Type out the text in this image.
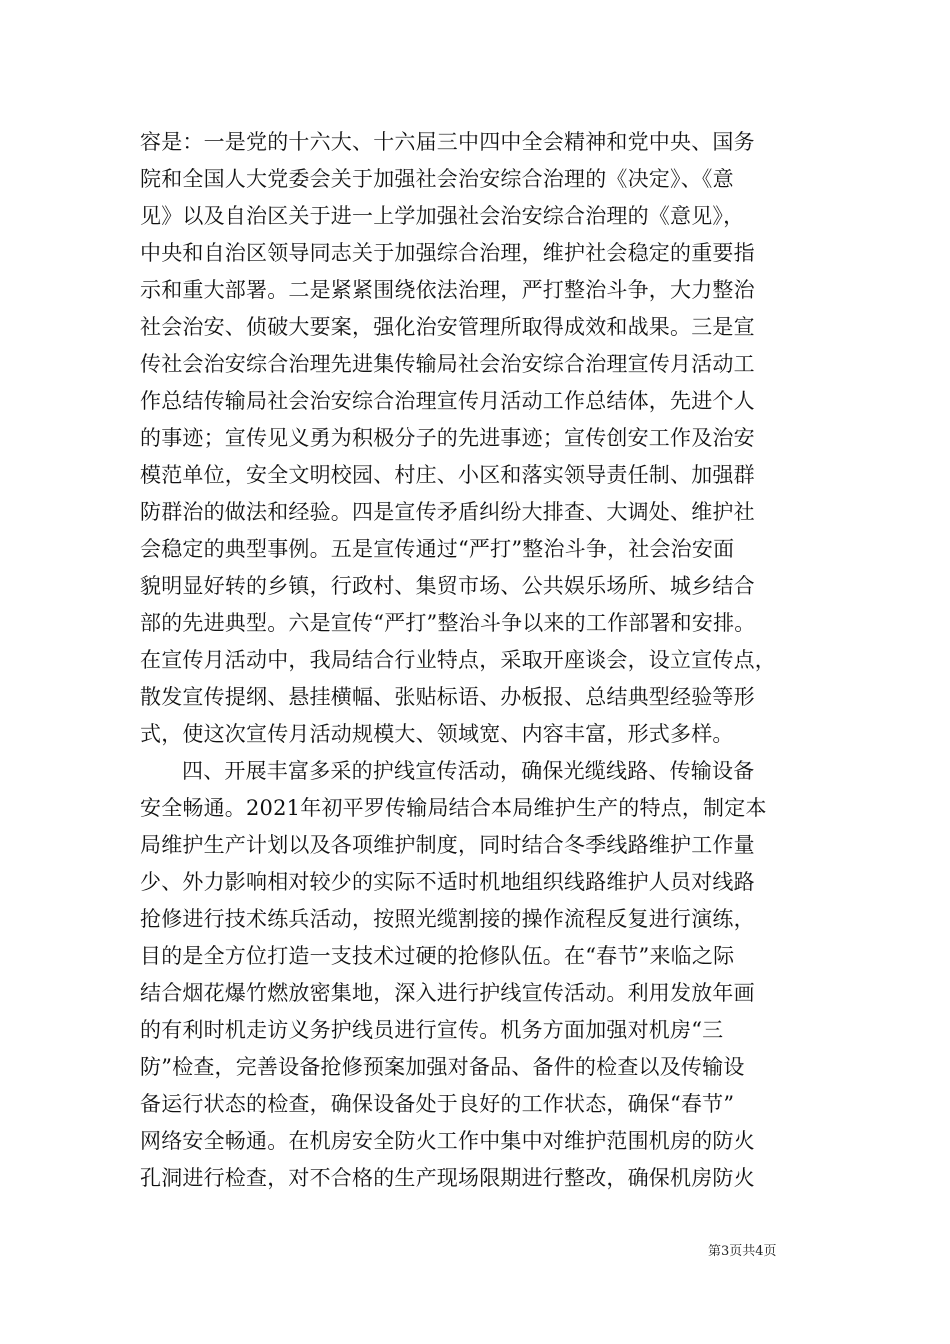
容是：一是党的十六大、十六届三中四中全会精神和党中央、国务
院和全国人大党委会关于加强社会治安综合治理的《决定》、《意
见》以及自治区关于进一上学加强社会治安综合治理的《意见》，
中央和自治区领导同志关于加强综合治理，维护社会稳定的重要指
示和重大部署。二是紧紧围绕依法治理，严打整治斗争，大力整治
社会治安、侦破大要案，强化治安管理所取得成效和战果。三是宣
传社会治安综合治理先进集传输局社会治安综合治理宣传月活动工
作总结传输局社会治安综合治理宣传月活动工作总结体，先进个人
的事迹；宣传见义勇为积极分子的先进事迹；宣传创安工作及治安
模范单位，安全文明校园、村庄、小区和落实领导责任制、加强群
防群治的做法和经验。四是宣传矛盾纠纷大排查、大调处、维护社
会稳定的典型事例。五是宣传通过“严打”整治斗争，社会治安面
貌明显好转的乡镇，行政村、集贸市场、公共娱乐场所、城乡结合
部的先进典型。六是宣传“严打”整治斗争以来的工作部署和安排。
在宣传月活动中，我局结合行业特点，采取开座谈会，设立宣传点，
散发宣传提纲、悬挂横幅、张贴标语、办板报、总结典型经验等形
式，使这次宣传月活动规模大、领域宽、内容丰富，形式多样。
四、开展丰富多采的护线宣传活动，确保光缆线路、传输设备
安全畅通。2021年初平罗传输局结合本局维护生产的特点，制定本
局维护生产计划以及各项维护制度，同时结合冬季线路维护工作量
少、外力影响相对较少的实际不适时机地组织线路维护人员对线路
抢修进行技术练兵活动，按照光缆割接的操作流程反复进行演练，
目的是全方位打造一支技术过硬的抢修队伍。在“春节”来临之际
结合烟花爆竹燃放密集地，深入进行护线宣传活动。利用发放年画
的有利时机走访义务护线员进行宣传。机务方面加强对机房“三
防”检查，完善设备抢修预案加强对备品、备件的检查以及传输设
备运行状态的检查，确保设备处于良好的工作状态，确保“春节”
网络安全畅通。在机房安全防火工作中集中对维护范围机房的防火
孔洞进行检查，对不合格的生产现场限期进行整改，确保机房防火
第3页共4页
